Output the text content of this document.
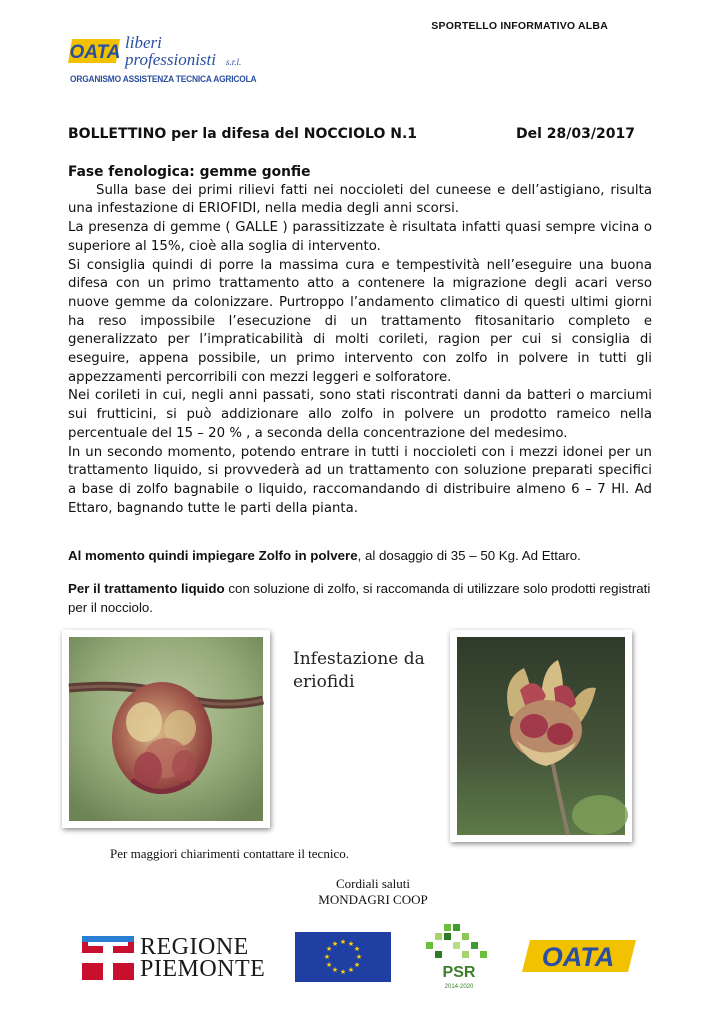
SPORTELLO INFORMATIVO ALBA
OATA liberi
professionisti s.r.l.
ORGANISMO ASSISTENZA TECNICA AGRICOLA
BOLLETTINO per la difesa del NOCCIOLO N.1	Del 28/03/2017

Fase fenologica: gemme gonfie

Sulla base dei primi rilievi fatti nei noccioleti del cuneese e dell’astigiano, risulta una infestazione di ERIOFIDI, nella media degli anni scorsi.

La presenza di gemme ( GALLE ) parassitizzate è risultata infatti quasi sempre vicina o superiore al 15%, cioè alla soglia di intervento.

Si consiglia quindi di porre la massima cura e tempestività nell’eseguire una buona difesa con un primo trattamento atto a contenere la migrazione degli acari verso nuove gemme da colonizzare. Purtroppo l’andamento climatico di questi ultimi giorni ha reso impossibile l’esecuzione di un trattamento fitosanitario completo e generalizzato per l’impraticabilità di molti corileti, ragion per cui si consiglia di eseguire, appena possibile, un primo intervento con zolfo in polvere in tutti gli appezzamenti percorribili con mezzi leggeri e solforatore.

Nei corileti in cui, negli anni passati, sono stati riscontrati danni da batteri o marciumi sui frutticini, si può addizionare allo zolfo in polvere un prodotto rameico nella percentuale del 15 – 20 % , a seconda della concentrazione del medesimo.

In un secondo momento, potendo entrare in tutti i noccioleti con i mezzi idonei per un trattamento liquido, si provvederà ad un trattamento con soluzione preparati specifici a base di zolfo bagnabile o liquido, raccomandando di distribuire almeno 6 – 7 Hl. Ad Ettaro, bagnando tutte le parti della pianta.

Al momento quindi impiegare Zolfo in polvere, al dosaggio di 35 – 50 Kg. Ad Ettaro.
Per il trattamento liquido con soluzione di zolfo, si raccomanda di utilizzare solo prodotti registrati per il nocciolo.
Infestazione da
eriofidi
Per maggiori chiarimenti contattare il tecnico.
Cordiali saluti
MONDAGRI COOP
REGIONE
PIEMONTE
★ ★
★
★
★
★
★
★
★
★
★
★
PSR
2014-2020
OATA
